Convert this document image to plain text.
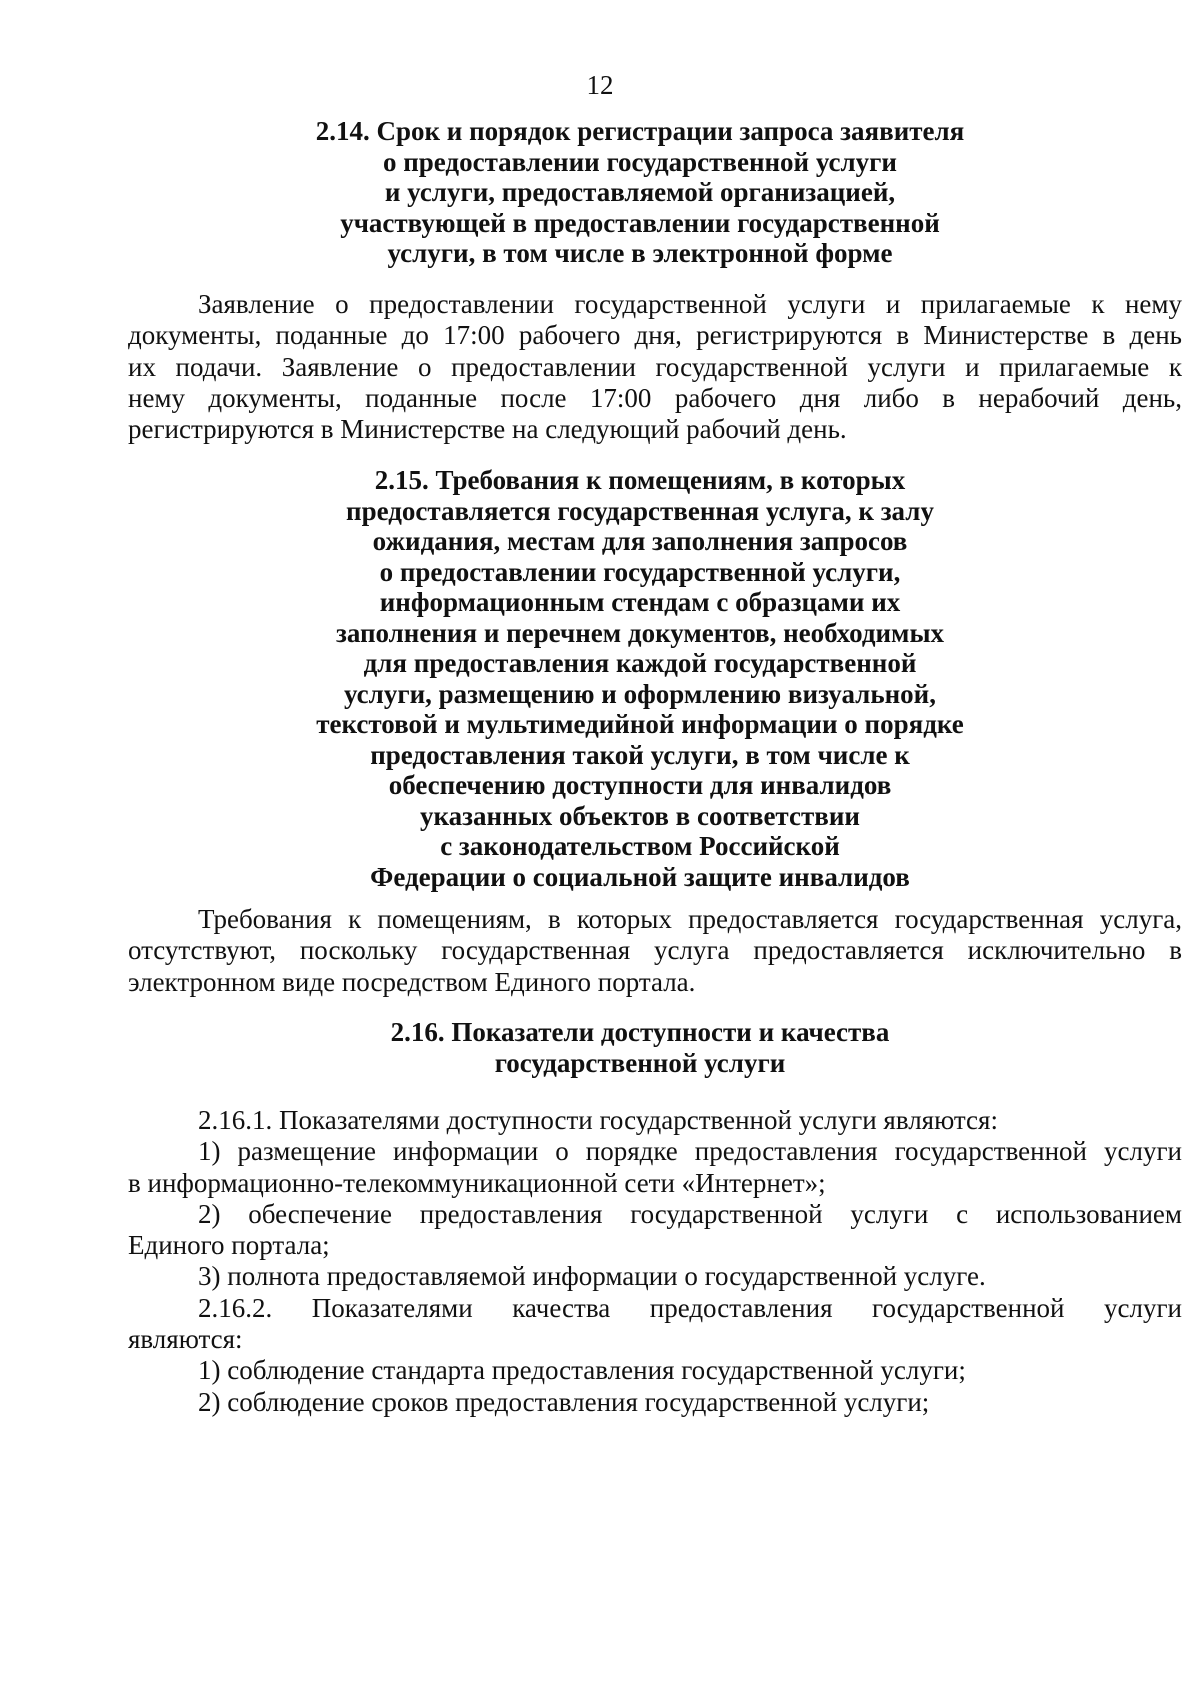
12
2.14. Срок и порядок регистрации запроса заявителя
о предоставлении государственной услуги
и услуги, предоставляемой организацией,
участвующей в предоставлении государственной
услуги, в том числе в электронной форме
Заявление о предоставлении государственной услуги и прилагаемые к нему
документы, поданные до 17:00 рабочего дня, регистрируются в Министерстве в день
их подачи. Заявление о предоставлении государственной услуги и прилагаемые к
нему документы, поданные после 17:00 рабочего дня либо в нерабочий день,
регистрируются в Министерстве на следующий рабочий день.
2.15. Требования к помещениям, в которых
предоставляется государственная услуга, к залу
ожидания, местам для заполнения запросов
о предоставлении государственной услуги,
информационным стендам с образцами их
заполнения и перечнем документов, необходимых
для предоставления каждой государственной
услуги, размещению и оформлению визуальной,
текстовой и мультимедийной информации о порядке
предоставления такой услуги, в том числе к
обеспечению доступности для инвалидов
указанных объектов в соответствии
с законодательством Российской
Федерации о социальной защите инвалидов
Требования к помещениям, в которых предоставляется государственная услуга,
отсутствуют, поскольку государственная услуга предоставляется исключительно в
электронном виде посредством Единого портала.
2.16. Показатели доступности и качества
государственной услуги
2.16.1. Показателями доступности государственной услуги являются:
1) размещение информации о порядке предоставления государственной услуги
в информационно-телекоммуникационной сети «Интернет»;
2) обеспечение предоставления государственной услуги с использованием
Единого портала;
3) полнота предоставляемой информации о государственной услуге.
2.16.2. Показателями качества предоставления государственной услуги
являются:
1) соблюдение стандарта предоставления государственной услуги;
2) соблюдение сроков предоставления государственной услуги;
